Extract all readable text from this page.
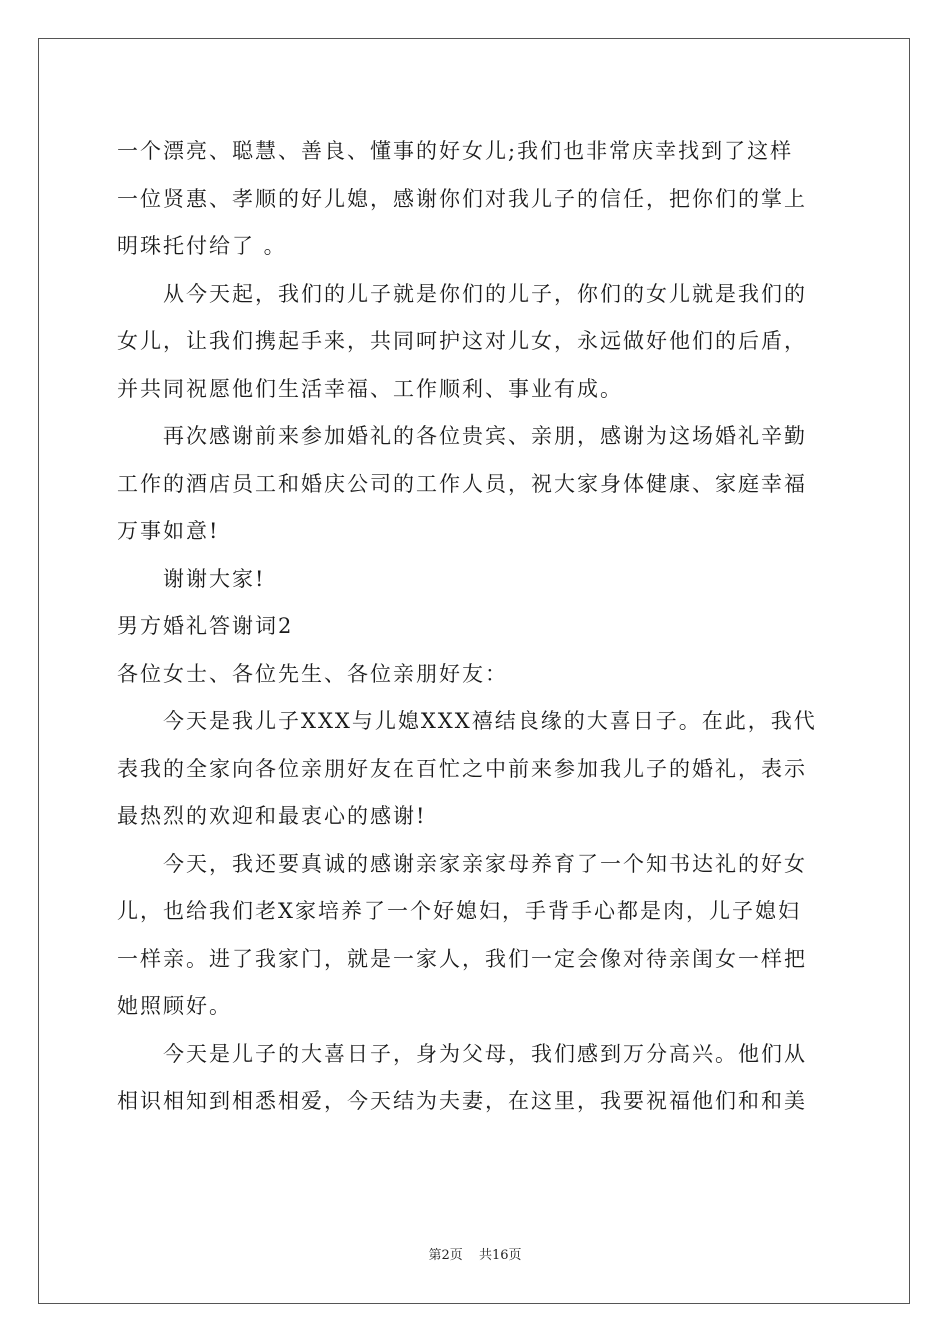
一个漂亮、聪慧、善良、懂事的好女儿;我们也非常庆幸找到了这样
一位贤惠、孝顺的好儿媳，感谢你们对我儿子的信任，把你们的掌上
明珠托付给了 。
从今天起，我们的儿子就是你们的儿子，你们的女儿就是我们的
女儿，让我们携起手来，共同呵护这对儿女，永远做好他们的后盾，
并共同祝愿他们生活幸福、工作顺利、事业有成。
再次感谢前来参加婚礼的各位贵宾、亲朋，感谢为这场婚礼辛勤
工作的酒店员工和婚庆公司的工作人员，祝大家身体健康、家庭幸福
万事如意!
谢谢大家!
男方婚礼答谢词2
各位女士、各位先生、各位亲朋好友：
今天是我儿子XXX与儿媳XXX禧结良缘的大喜日子。在此，我代
表我的全家向各位亲朋好友在百忙之中前来参加我儿子的婚礼，表示
最热烈的欢迎和最衷心的感谢!
今天，我还要真诚的感谢亲家亲家母养育了一个知书达礼的好女
儿，也给我们老X家培养了一个好媳妇，手背手心都是肉，儿子媳妇
一样亲。进了我家门，就是一家人，我们一定会像对待亲闺女一样把
她照顾好。
今天是儿子的大喜日子，身为父母，我们感到万分高兴。他们从
相识相知到相悉相爱，今天结为夫妻，在这里，我要祝福他们和和美
第2页 共16页
